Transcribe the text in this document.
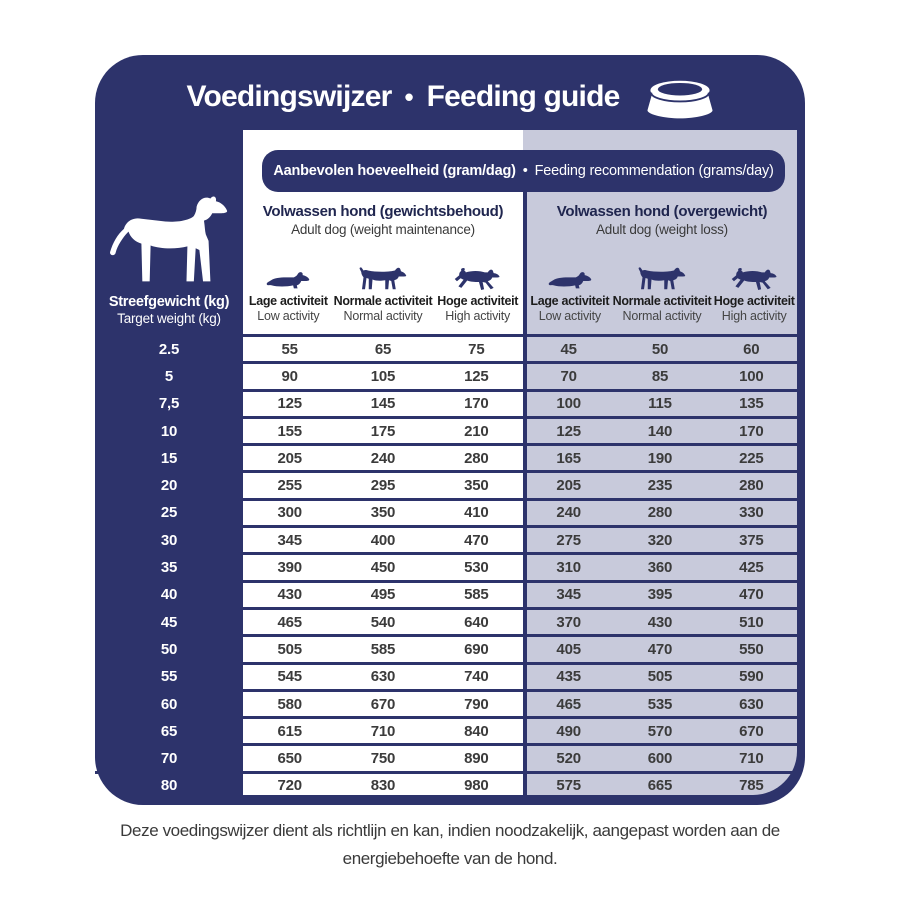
Voedingswijzer • Feeding guide
Aanbevolen hoeveelheid (gram/dag) • Feeding recommendation (grams/day)
Streefgewicht (kg)
Target weight (kg)
Volwassen hond (gewichtsbehoud)
Adult dog (weight maintenance)
Volwassen hond (overgewicht)
Adult dog (weight loss)
Lage activiteit
Low activity
Normale activiteit
Normal activity
Hoge activiteit
High activity
Lage activiteit
Low activity
Normale activiteit
Normal activity
Hoge activiteit
High activity
2.5	55	65	75	45	50	60
5	90	105	125	70	85	100
7,5	125	145	170	100	115	135
10	155	175	210	125	140	170
15	205	240	280	165	190	225
20	255	295	350	205	235	280
25	300	350	410	240	280	330
30	345	400	470	275	320	375
35	390	450	530	310	360	425
40	430	495	585	345	395	470
45	465	540	640	370	430	510
50	505	585	690	405	470	550
55	545	630	740	435	505	590
60	580	670	790	465	535	630
65	615	710	840	490	570	670
70	650	750	890	520	600	710
80	720	830	980	575	665	785
Deze voedingswijzer dient als richtlijn en kan, indien noodzakelijk, aangepast worden aan de
energiebehoefte van de hond.
